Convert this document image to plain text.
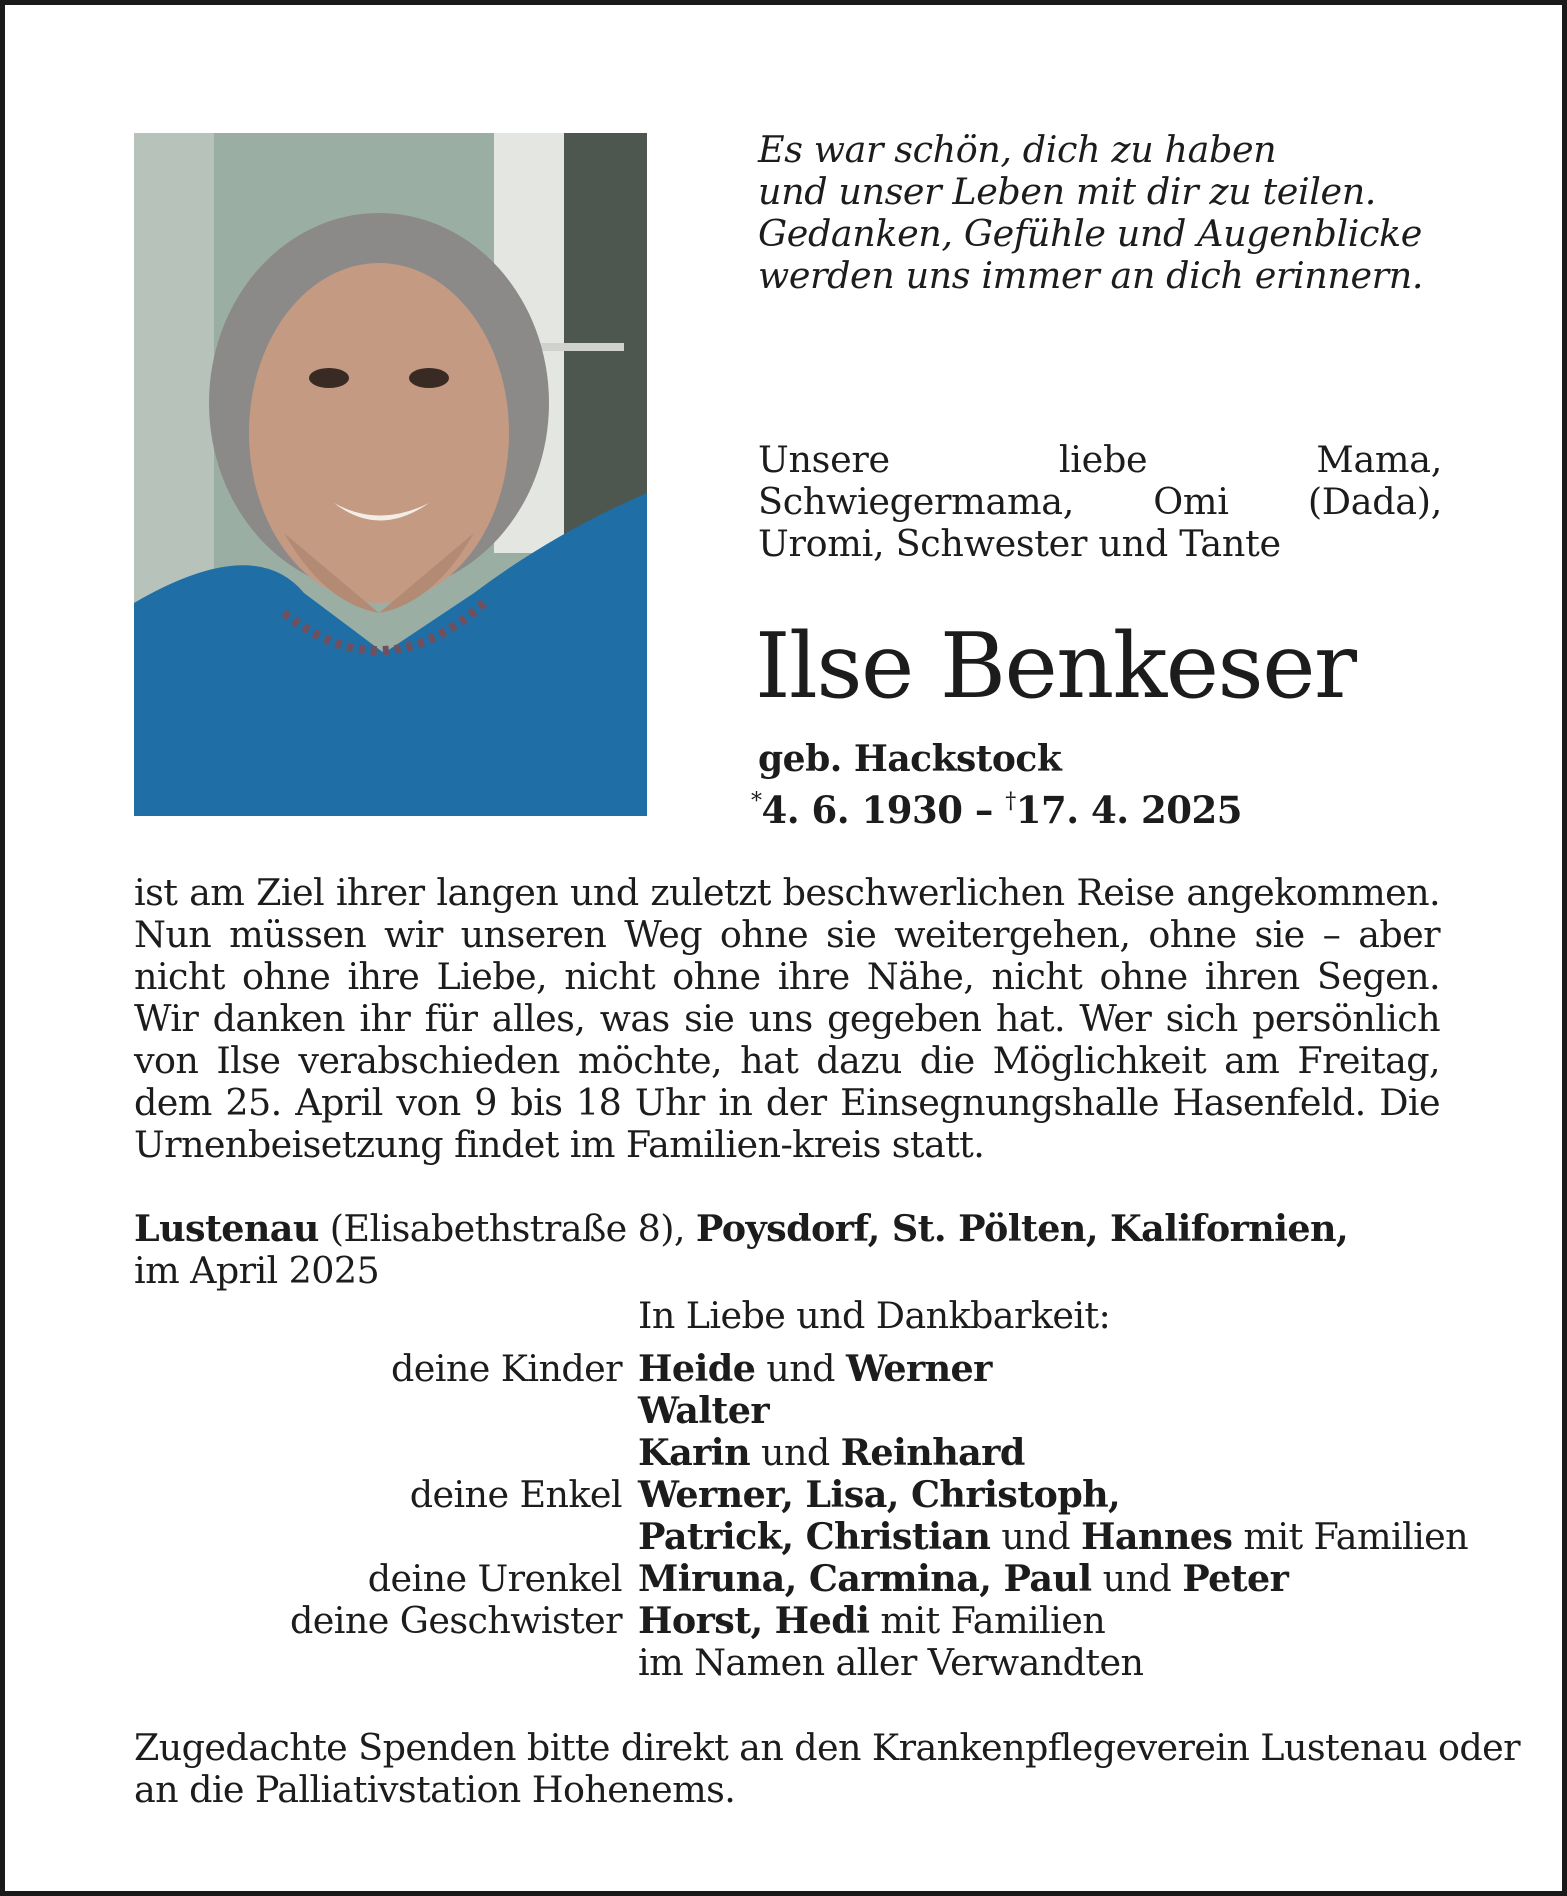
Es war schön, dich zu haben
und unser Leben mit dir zu teilen.
Gedanken, Gefühle und Augenblicke
werden uns immer an dich erinnern.
Unsere liebe Mama, Schwiegermama, Omi (Dada), Uromi, Schwester und Tante
Ilse Benkeser
geb. Hackstock
*4. 6. 1930 – †17. 4. 2025
ist am Ziel ihrer langen und zuletzt beschwerlichen Reise angekommen. Nun müssen wir unseren Weg ohne sie weitergehen, ohne sie – aber nicht ohne ihre Liebe, nicht ohne ihre Nähe, nicht ohne ihren Segen. Wir danken ihr für alles, was sie uns gegeben hat. Wer sich persönlich von Ilse verabschieden möchte, hat dazu die Möglichkeit am Freitag, dem 25. April von 9 bis 18 Uhr in der Einsegnungshalle Hasenfeld. Die Urnenbeisetzung findet im Familien-kreis statt.
Lustenau (Elisabethstraße 8), Poysdorf, St. Pölten, Kalifornien,
im April 2025
In Liebe und Dankbarkeit:
deine Kinder Heide und Werner
Walter
Karin und Reinhard
deine Enkel Werner, Lisa, Christoph,
Patrick, Christian und Hannes mit Familien
deine Urenkel Miruna, Carmina, Paul und Peter
deine Geschwister Horst, Hedi mit Familien
im Namen aller Verwandten
Zugedachte Spenden bitte direkt an den Krankenpflegeverein Lustenau oder
an die Palliativstation Hohenems.
